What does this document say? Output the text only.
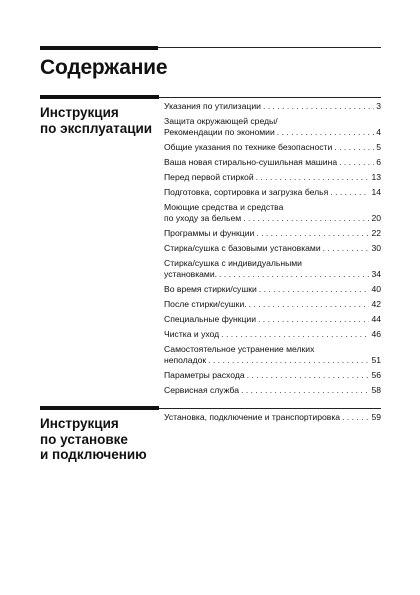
Содержание
Инструкция
по эксплуатации
Указания по утилизации . . .	3
Защита окружающей среды/
Рекомендации по экономии . . .	4
Общие указания по технике безопасности . . .	5
Ваша новая стирально-сушильная машина . . .	6
Перед первой стиркой . . .	13
Подготовка, сортировка и загрузка белья . . .	14
Моющие средства и средства
по уходу за бельем . . .	20
Программы и функции . . .	22
Стирка/сушка с базовыми установками . . .	30
Стирка/сушка с индивидуальными
установками. . . .	34
Во время стирки/сушки . . .	40
После стирки/сушки. . . .	42
Специальные функции . . .	44
Чистка и уход . . .	46
Самостоятельное устранение мелких
неполадок . . .	51
Параметры расхода . . .	56
Сервисная служба . . .	58
Инструкция
по установке
и подключению
Установка, подключение и транспортировка . . .	59
